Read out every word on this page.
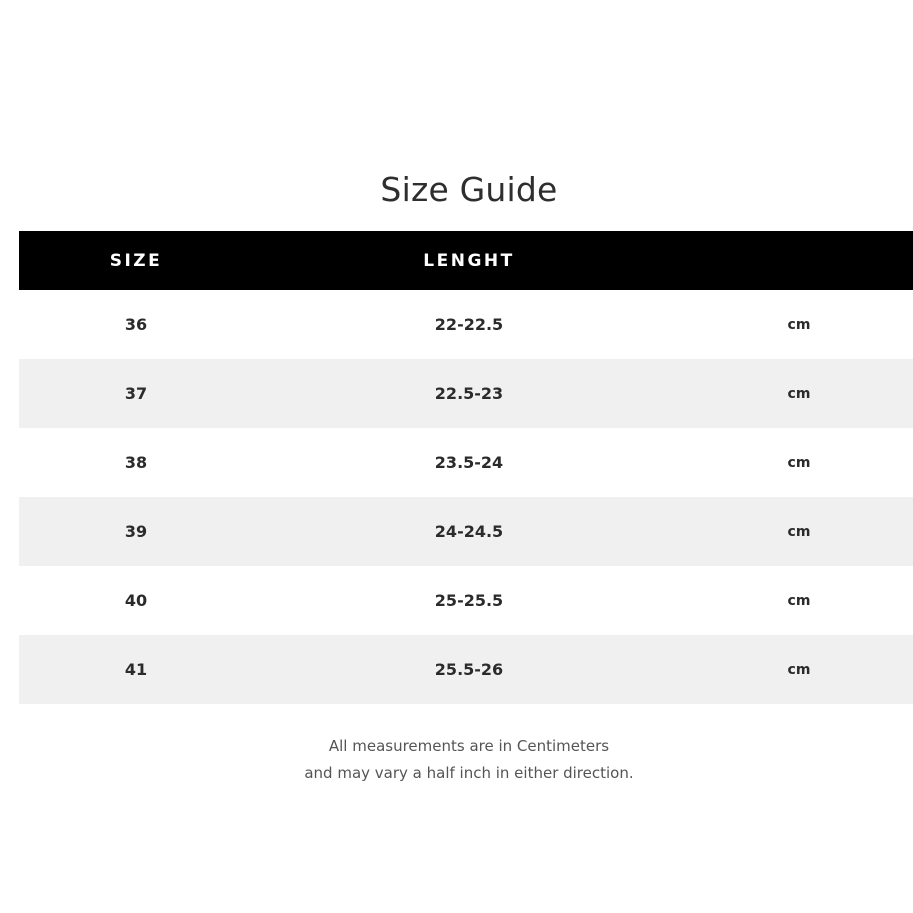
Size Guide
SIZE	LENGHT	
36	22-22.5	cm
37	22.5-23	cm
38	23.5-24	cm
39	24-24.5	cm
40	25-25.5	cm
41	25.5-26	cm

All measurements are in Centimeters

and may vary a half inch in either direction.
